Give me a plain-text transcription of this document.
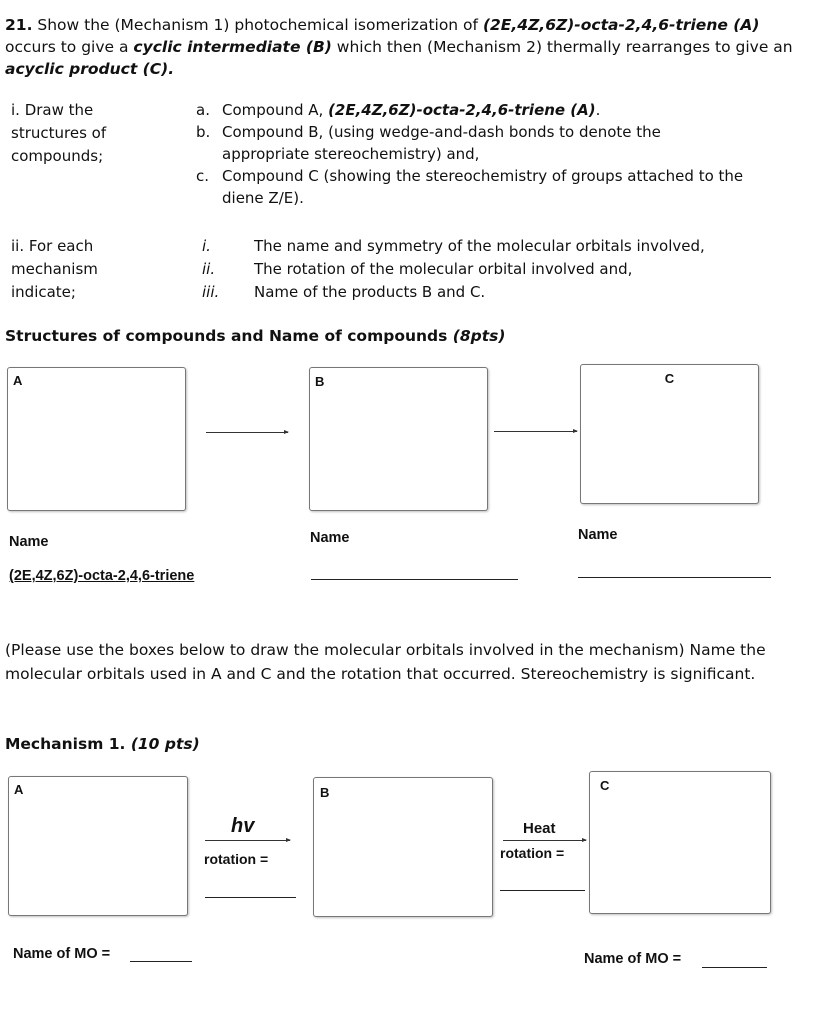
21. Show the (Mechanism 1) photochemical isomerization of (2E,4Z,6Z)-octa-2,4,6-triene (A) occurs to give a cyclic intermediate (B) which then (Mechanism 2) thermally rearranges to give an acyclic product (C).
i. Draw the
structures of
compounds;
a. Compound A, (2E,4Z,6Z)-octa-2,4,6-triene (A).
b. Compound B, (using wedge-and-dash bonds to denote the
appropriate stereochemistry) and,
c. Compound C (showing the stereochemistry of groups attached to the
diene Z/E).
ii. For each
mechanism
indicate;
i.	The name and symmetry of the molecular orbitals involved,
ii.	The rotation of the molecular orbital involved and,
iii. Name of the products B and C.
Structures of compounds and Name of compounds (8pts)
A	B	C
Name	Name	Name
(2E,4Z,6Z)-octa-2,4,6-triene
(Please use the boxes below to draw the molecular orbitals involved in the mechanism) Name the molecular orbitals used in A and C and the rotation that occurred. Stereochemistry is significant.
Mechanism 1. (10 pts)
A
hv
rotation =
B
Heat
rotation =
C
Name of MO =	Name of MO =
